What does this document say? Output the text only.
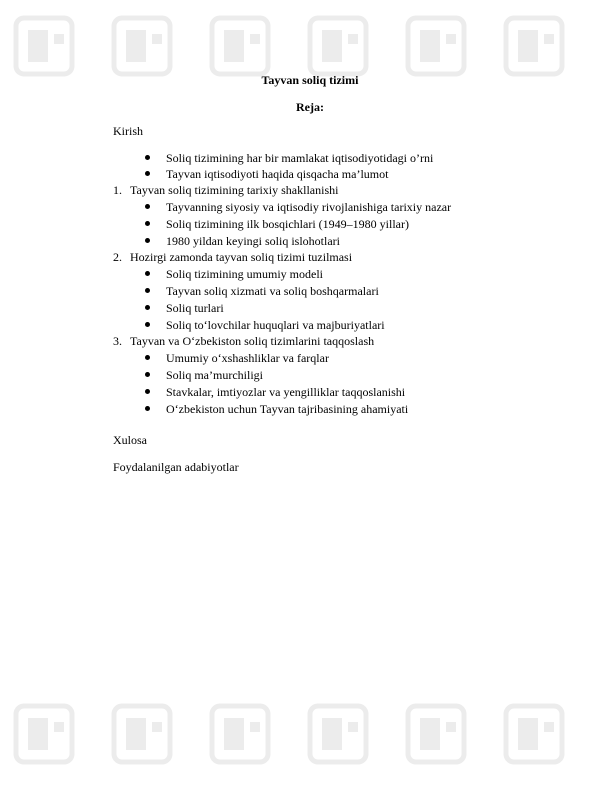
Tayvan soliq tizimi
Reja:
Kirish
Soliq tizimining har bir mamlakat iqtisodiyotidagi o’rni
Tayvan iqtisodiyoti haqida qisqacha ma’lumot
1. Tayvan soliq tizimining tarixiy shakllanishi
Tayvanning siyosiy va iqtisodiy rivojlanishiga tarixiy nazar
Soliq tizimining ilk bosqichlari (1949–1980 yillar)
1980 yildan keyingi soliq islohotlari
2. Hozirgi zamonda tayvan soliq tizimi tuzilmasi
Soliq tizimining umumiy modeli
Tayvan soliq xizmati va soliq boshqarmalari
Soliq turlari
Soliq to‘lovchilar huquqlari va majburiyatlari
3. Tayvan va O‘zbekiston soliq tizimlarini taqqoslash
Umumiy o‘xshashliklar va farqlar
Soliq ma’murchiligi
Stavkalar, imtiyozlar va yengilliklar taqqoslanishi
O‘zbekiston uchun Tayvan tajribasining ahamiyati
Xulosa
Foydalanilgan adabiyotlar
